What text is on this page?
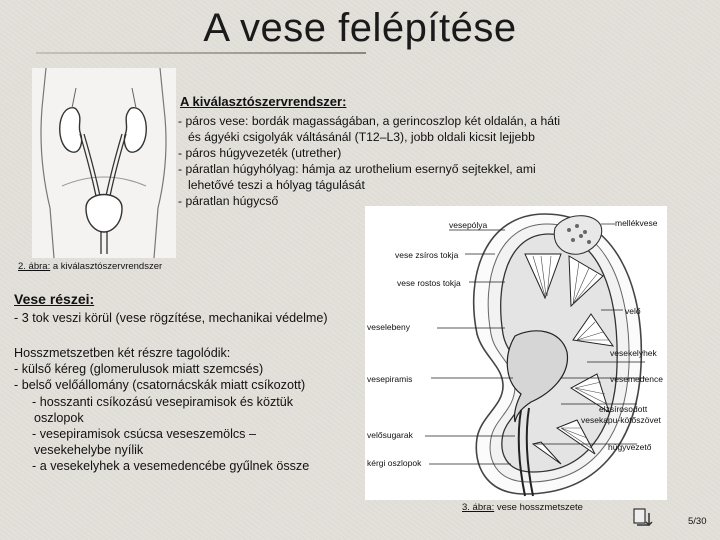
A vese felépítése
2. ábra: a kiválasztószervrendszer
A kiválasztószervrendszer:
- páros vese: bordák magasságában, a gerincoszlop két oldalán, a háti
és ágyéki csigolyák váltásánál (T12–L3), jobb oldali kicsit lejjebb
- páros húgyvezeték (utrether)
- páratlan húgyhólyag: hámja az urothelium esernyő sejtekkel, ami
lehetővé teszi a hólyag tágulását
- páratlan húgycső
vesepólya	mellékvese
vese zsíros tokja
vese rostos tokja
velő
veselebeny
vesekelyhek
vesepiramis	vesemedence
elzsírosodott
vesekapu-kötőszövet
velősugarak
húgyvezető
kérgi oszlopok
3. ábra: vese hosszmetszete
Vese részei:
- 3 tok veszi körül (vese rögzítése, mechanikai védelme)
Hosszmetszetben két részre tagolódik:
- külső kéreg (glomerulusok miatt szemcsés)
- belső velőállomány (csatornácskák miatt csíkozott)
- hosszanti csíkozású vesepiramisok és köztük
oszlopok
- vesepiramisok csúcsa veseszemölcs –
vesekehelybe nyílik
- a vesekelyhek a vesemedencébe gyűlnek össze
5/30
